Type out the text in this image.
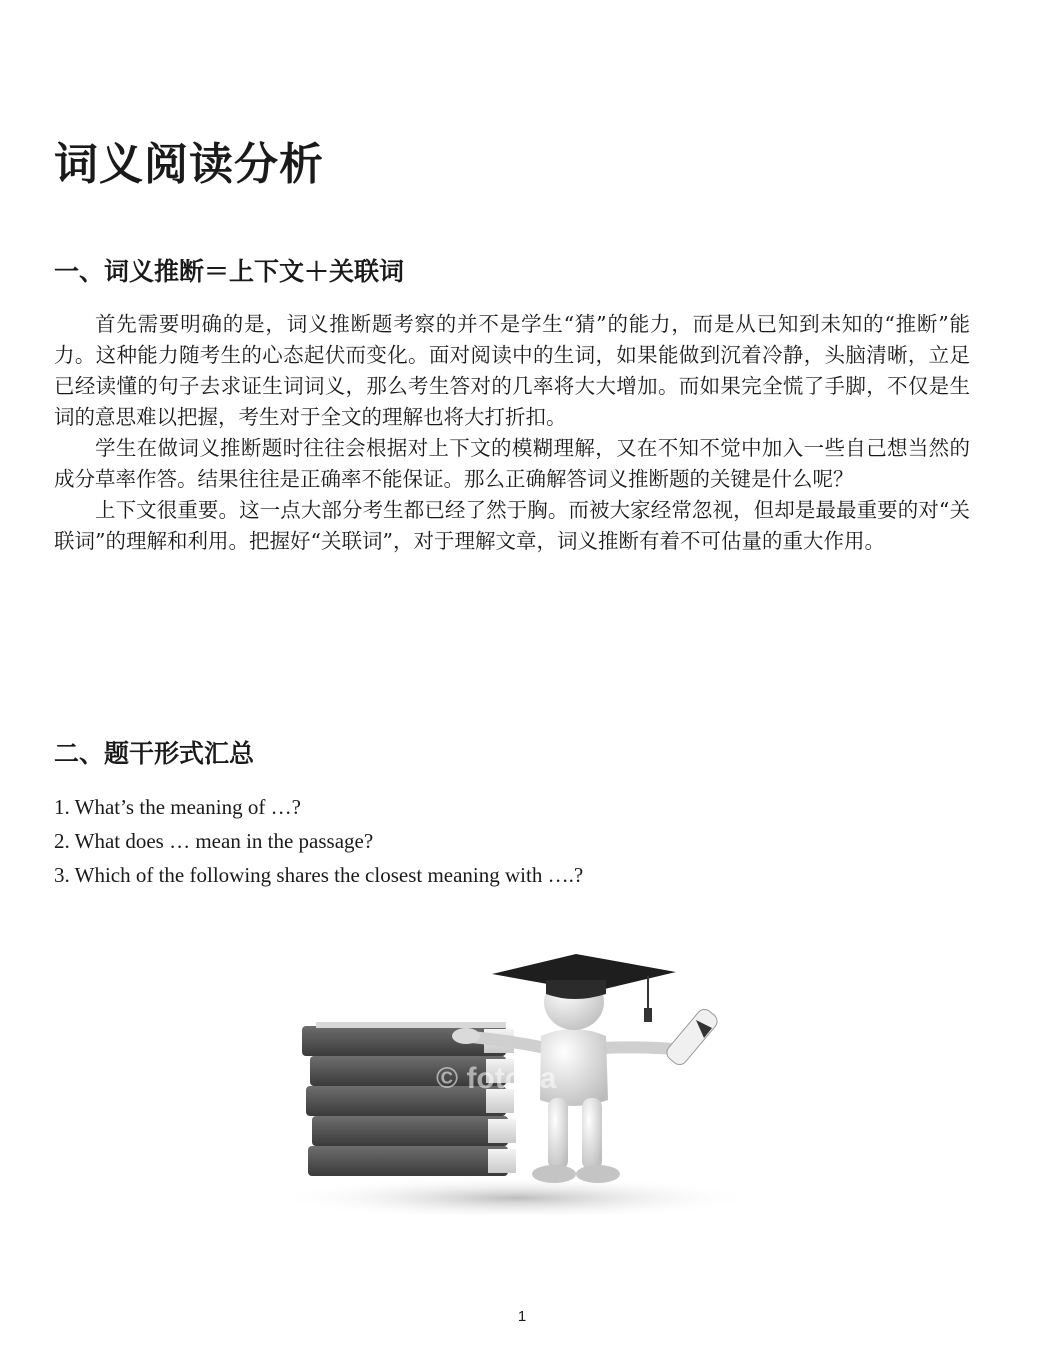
词义阅读分析
一、词义推断＝上下文＋关联词

首先需要明确的是，词义推断题考察的并不是学生“猜”的能力，而是从已知到未知的“推断”能力。这种能力随考生的心态起伏而变化。面对阅读中的生词，如果能做到沉着冷静，头脑清晰，立足已经读懂的句子去求证生词词义，那么考生答对的几率将大大增加。而如果完全慌了手脚，不仅是生词的意思难以把握，考生对于全文的理解也将大打折扣。

学生在做词义推断题时往往会根据对上下文的模糊理解，又在不知不觉中加入一些自己想当然的成分草率作答。结果往往是正确率不能保证。那么正确解答词义推断题的关键是什么呢？

上下文很重要。这一点大部分考生都已经了然于胸。而被大家经常忽视，但却是最最重要的对“关联词”的理解和利用。把握好“关联词”，对于理解文章，词义推断有着不可估量的重大作用。

二、题干形式汇总
1. What’s the meaning of …?
2. What does … mean in the passage?
3. Which of the following shares the closest meaning with ….?
© fotolia
1
